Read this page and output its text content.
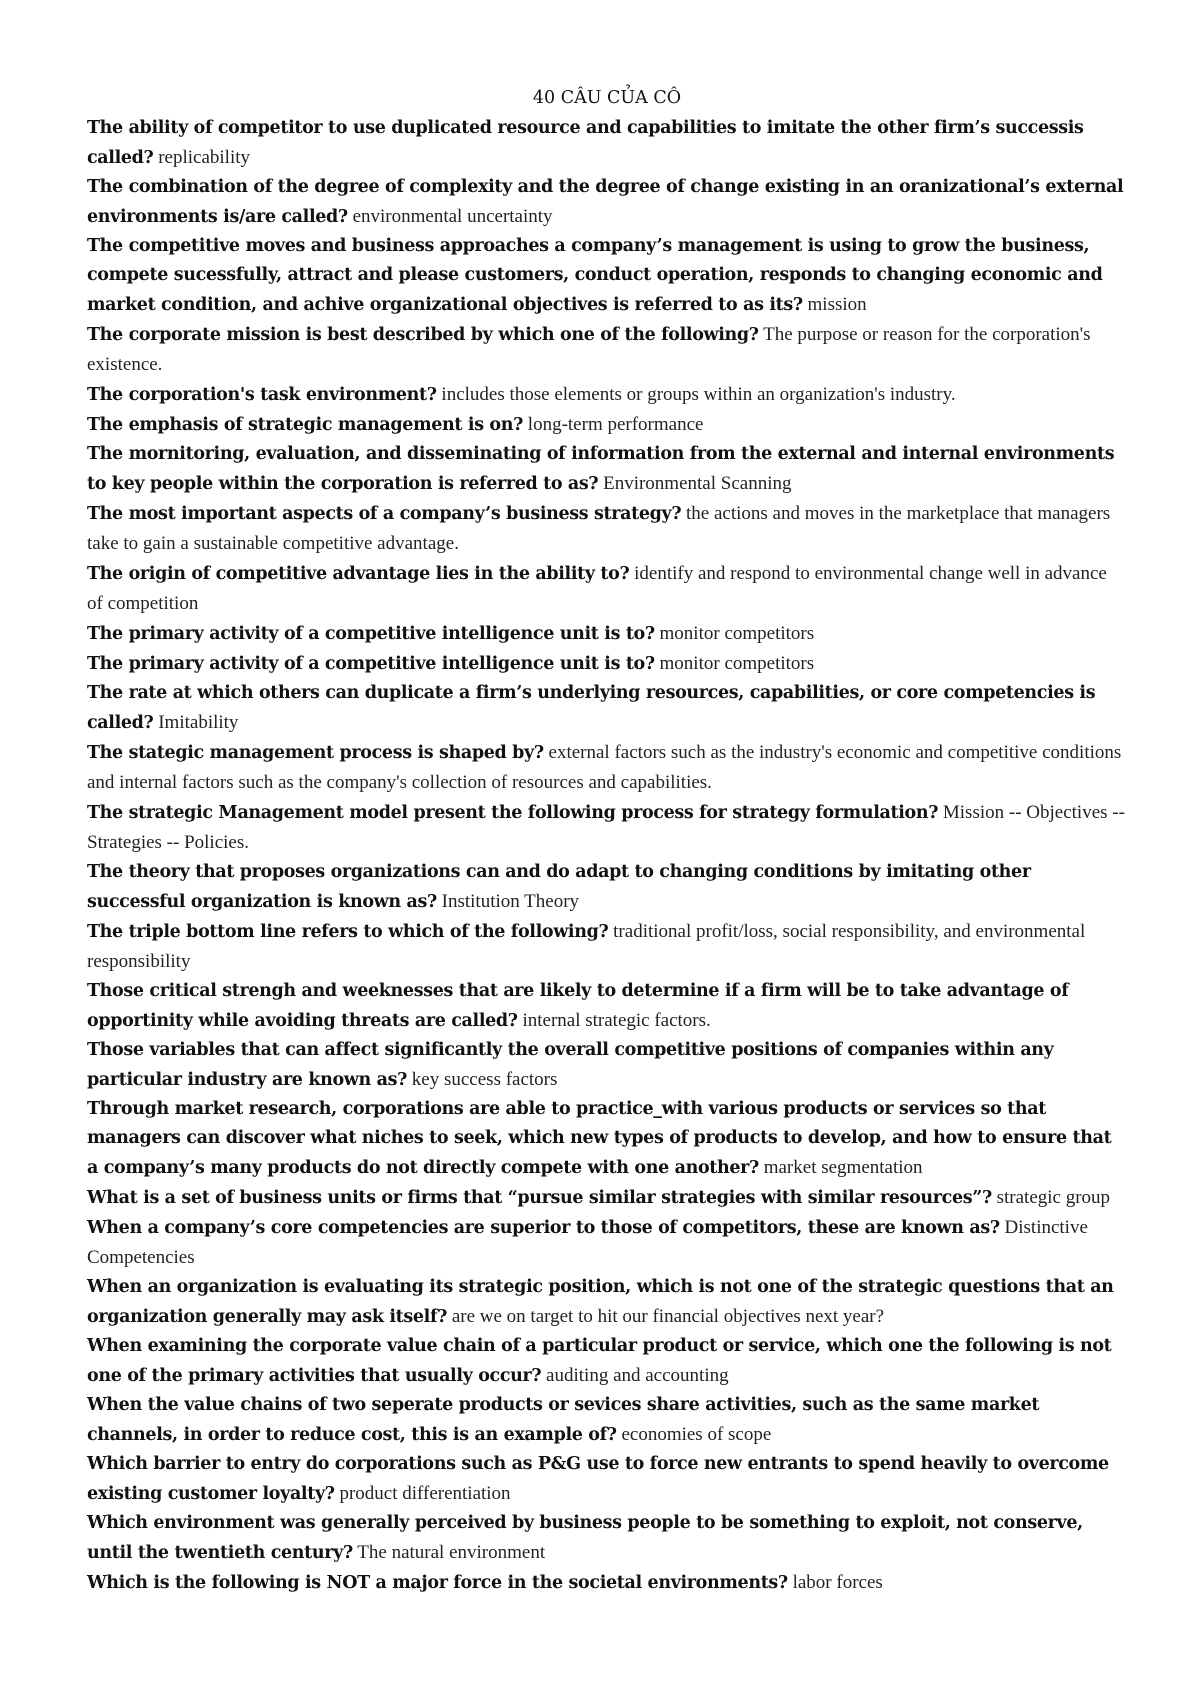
40 CÂU CỦA CÔ

The ability of competitor to use duplicated resource and capabilities to imitate the other firm’s successis called? replicability

The combination of the degree of complexity and the degree of change existing in an oranizational’s external environments is/are called? environmental uncertainty

The competitive moves and business approaches a company’s management is using to grow the business, compete sucessfully, attract and please customers, conduct operation, responds to changing economic and market condition, and achive organizational objectives is referred to as its? mission

The corporate mission is best described by which one of the following? The purpose or reason for the corporation's existence.

The corporation's task environment? includes those elements or groups within an organization's industry.

The emphasis of strategic management is on? long-term performance

The mornitoring, evaluation, and disseminating of information from the external and internal environments to key people within the corporation is referred to as? Environmental Scanning

The most important aspects of a company’s business strategy? the actions and moves in the marketplace that managers take to gain a sustainable competitive advantage.

The origin of competitive advantage lies in the ability to? identify and respond to environmental change well in advance of competition

The primary activity of a competitive intelligence unit is to? monitor competitors

The primary activity of a competitive intelligence unit is to? monitor competitors

The rate at which others can duplicate a firm’s underlying resources, capabilities, or core competencies is called? Imitability

The stategic management process is shaped by? external factors such as the industry's economic and competitive conditions and internal factors such as the company's collection of resources and capabilities.

The strategic Management model present the following process for strategy formulation? Mission -- Objectives -- Strategies -- Policies.

The theory that proposes organizations can and do adapt to changing conditions by imitating other successful organization is known as? Institution Theory

The triple bottom line refers to which of the following? traditional profit/loss, social responsibility, and environmental responsibility

Those critical strengh and weeknesses that are likely to determine if a firm will be to take advantage of opportinity while avoiding threats are called? internal strategic factors.

Those variables that can affect significantly the overall competitive positions of companies within any particular industry are known as? key success factors

Through market research, corporations are able to practice_with various products or services so that managers can discover what niches to seek, which new types of products to develop, and how to ensure that a company’s many products do not directly compete with one another? market segmentation

What is a set of business units or firms that “pursue similar strategies with similar resources”? strategic group

When a company’s core competencies are superior to those of competitors, these are known as? Distinctive Competencies

When an organization is evaluating its strategic position, which is not one of the strategic questions that an organization generally may ask itself? are we on target to hit our financial objectives next year?

When examining the corporate value chain of a particular product or service, which one the following is not one of the primary activities that usually occur? auditing and accounting

When the value chains of two seperate products or sevices share activities, such as the same market channels, in order to reduce cost, this is an example of? economies of scope

Which barrier to entry do corporations such as P&G use to force new entrants to spend heavily to overcome existing customer loyalty? product differentiation

Which environment was generally perceived by business people to be something to exploit, not conserve, until the twentieth century? The natural environment

Which is the following is NOT a major force in the societal environments? labor forces
